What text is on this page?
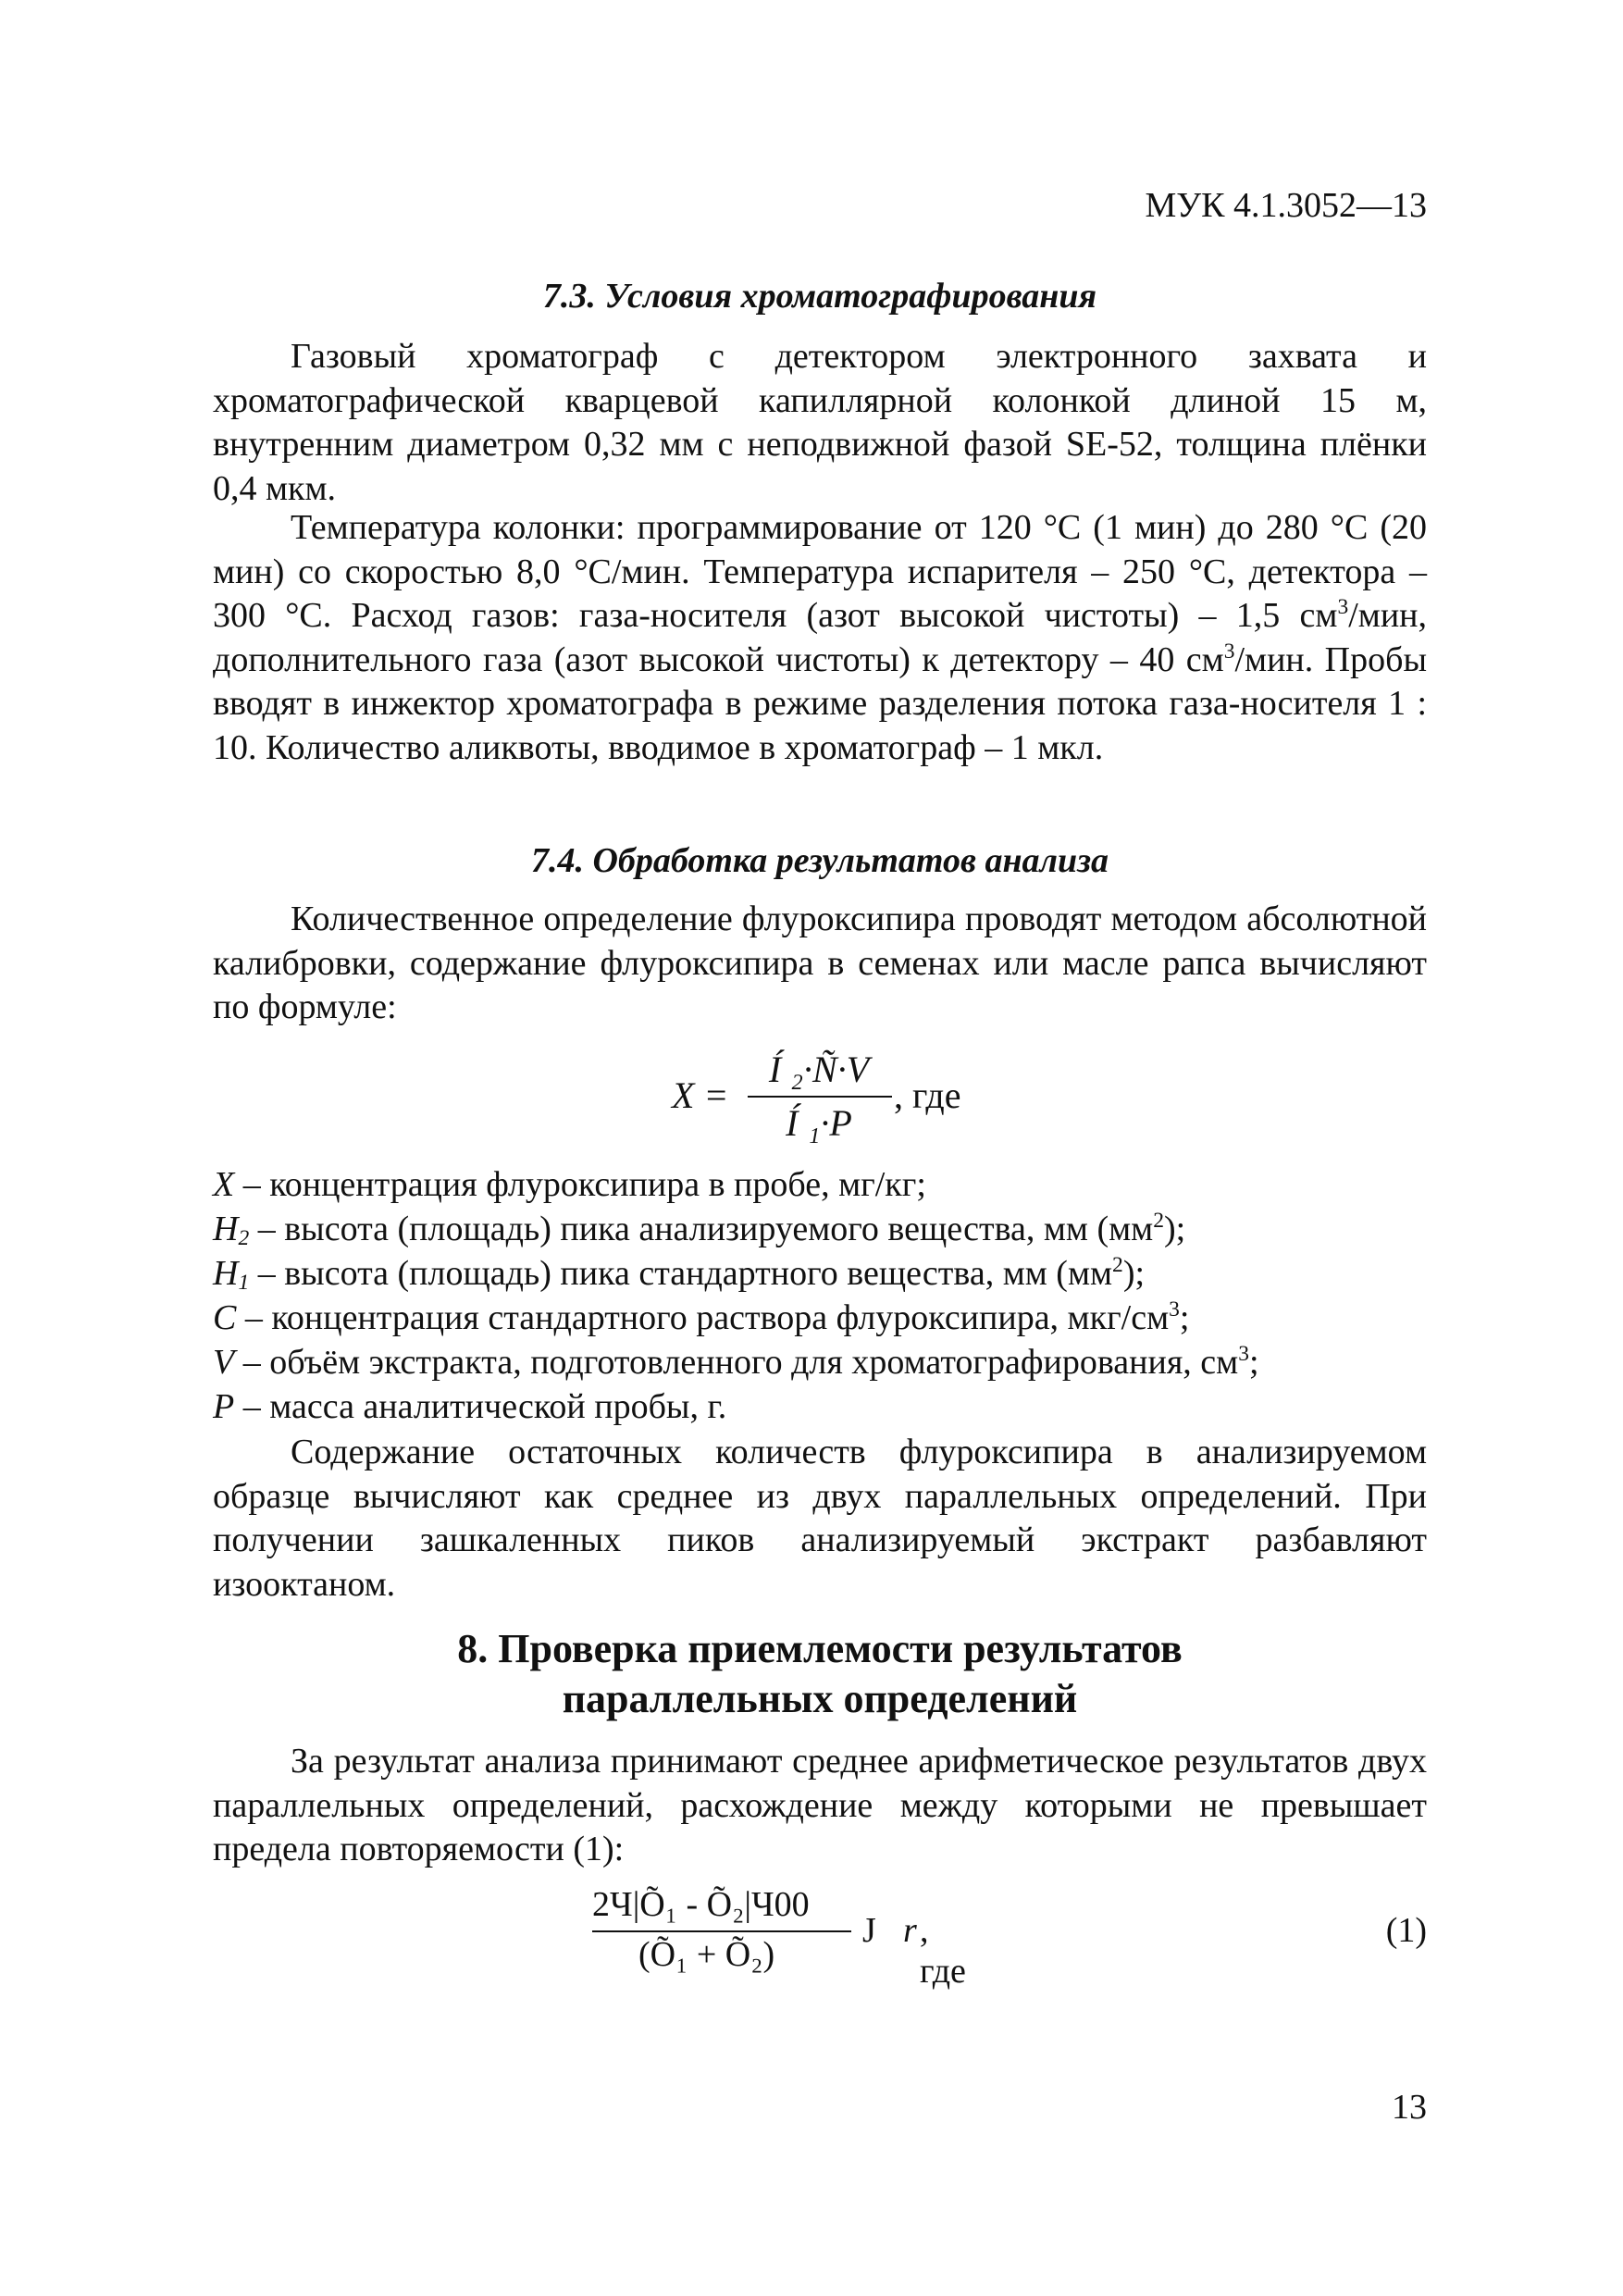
МУК 4.1.3052—13
7.3. Условия хроматографирования

Газовый хроматограф с детектором электронного захвата и хроматографической кварцевой капиллярной колонкой длиной 15 м, внутренним диаметром 0,32 мм с неподвижной фазой SE-52, толщина плёнки 0,4 мкм.

Температура колонки: программирование от 120 °С (1 мин) до 280 °С (20 мин) со скоростью 8,0 °С/мин. Температура испарителя – 250 °С, детектора – 300 °С. Расход газов: газа-носителя (азот высокой чистоты) – 1,5 $см^3$/мин, дополнительного газа (азот высокой чистоты) к детектору – 40 $см^3$/мин. Пробы вводят в инжектор хроматографа в режиме разделения потока газа-носителя 1 : 10. Количество аликвоты, вводимое в хроматограф – 1 мкл.

7.4. Обработка результатов анализа

Количественное определение флуроксипира проводят методом абсолютной калибровки, содержание флуроксипира в семенах или масле рапса вычисляют по формуле:

X =
Í ₂·Ñ·V
Í ₁·P
, где
X – концентрация флуроксипира в пробе, мг/кг;
$H_2$ – высота (площадь) пика анализируемого вещества, мм $(мм^2)$;
$H_1$ – высота (площадь) пика стандартного вещества, мм $(мм^2)$;
C – концентрация стандартного раствора флуроксипира, мкг/$см^3$;
V – объём экстракта, подготовленного для хроматографирования, $см^3$;
P – масса аналитической пробы, г.

Содержание остаточных количеств флуроксипира в анализируемом образце вычисляют как среднее из двух параллельных определений. При получении зашкаленных пиков анализируемый экстракт разбавляют изооктаном.

8. Проверка приемлемости результатов
параллельных определений

За результат анализа принимают среднее арифметическое результатов двух параллельных определений, расхождение между которыми не превышает предела повторяемости (1):

2Ч|Õ₁ - Õ₂|Ч00
(Õ₁ + Õ₂)
J r , где
(1)
13
